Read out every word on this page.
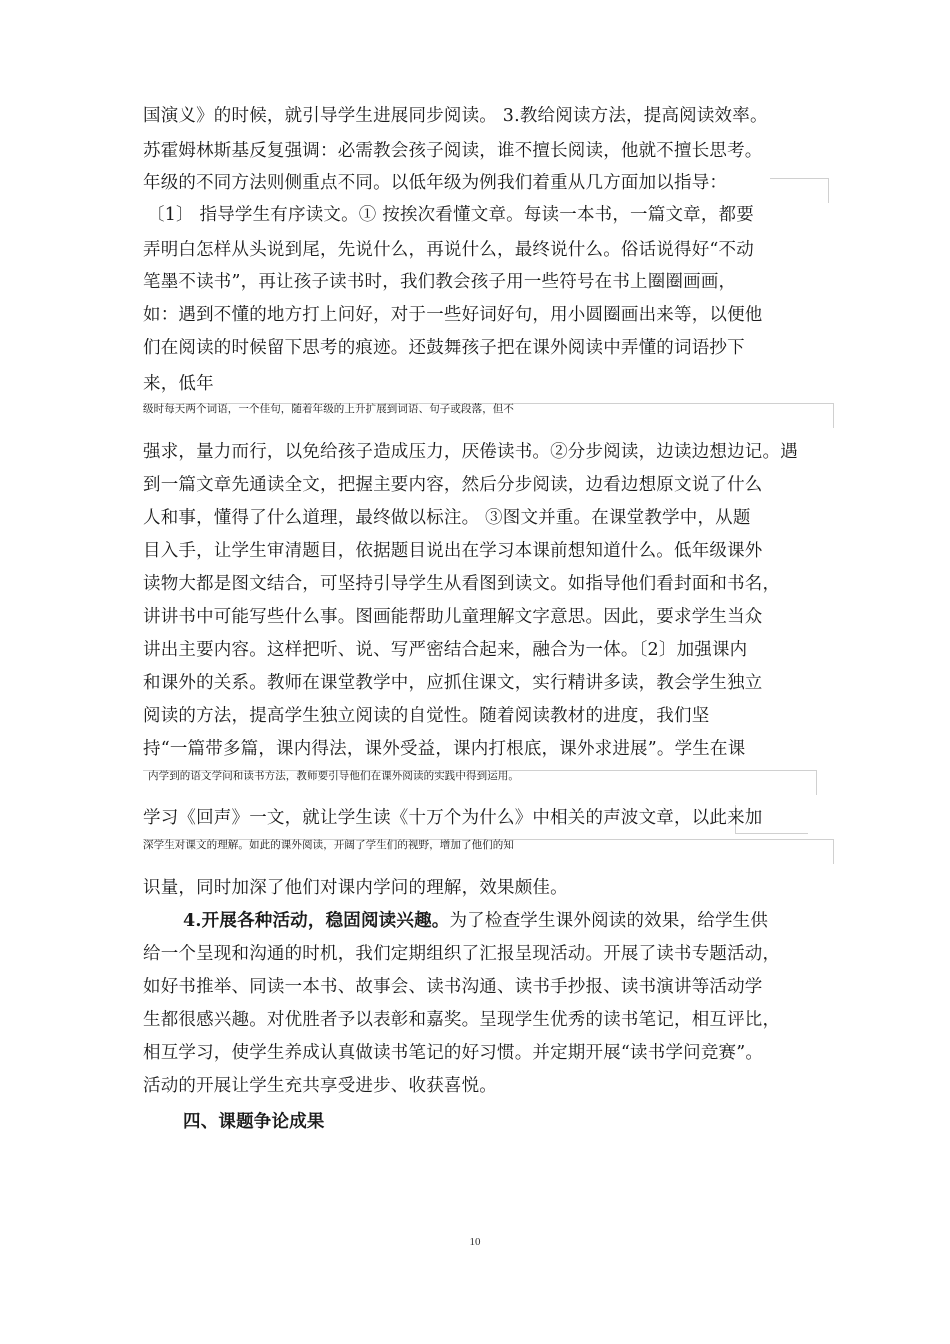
国演义》的时候，就引导学生进展同步阅读。 3.教给阅读方法，提高阅读效率。
苏霍姆林斯基反复强调：必需教会孩子阅读，谁不擅长阅读，他就不擅长思考。
年级的不同方法则侧重点不同。以低年级为例我们着重从几方面加以指导：
〔1〕 指导学生有序读文。① 按挨次看懂文章。每读一本书，一篇文章，都要
弄明白怎样从头说到尾，先说什么，再说什么，最终说什么。俗话说得好“不动
笔墨不读书”，再让孩子读书时，我们教会孩子用一些符号在书上圈圈画画，
如：遇到不懂的地方打上问好，对于一些好词好句，用小圆圈画出来等，以便他
们在阅读的时候留下思考的痕迹。还鼓舞孩子把在课外阅读中弄懂的词语抄下
来，低年
级时每天两个词语，一个佳句，随着年级的上升扩展到词语、句子或段落，但不
强求，量力而行，以免给孩子造成压力，厌倦读书。②分步阅读，边读边想边记。遇
到一篇文章先通读全文，把握主要内容，然后分步阅读，边看边想原文说了什么
人和事，懂得了什么道理，最终做以标注。 ③图文并重。在课堂教学中，从题
目入手，让学生审清题目，依据题目说出在学习本课前想知道什么。低年级课外
读物大都是图文结合，可坚持引导学生从看图到读文。如指导他们看封面和书名，
讲讲书中可能写些什么事。图画能帮助儿童理解文字意思。因此，要求学生当众
讲出主要内容。这样把听、说、写严密结合起来，融合为一体。〔2〕加强课内
和课外的关系。教师在课堂教学中，应抓住课文，实行精讲多读，教会学生独立
阅读的方法，提高学生独立阅读的自觉性。随着阅读教材的进度，我们坚
持“一篇带多篇，课内得法，课外受益，课内打根底，课外求进展”。学生在课
内学到的语文学问和读书方法，教师要引导他们在课外阅读的实践中得到运用。
学习《回声》一文，就让学生读《十万个为什么》中相关的声波文章，以此来加
深学生对课文的理解。如此的课外阅读，开阔了学生们的视野，增加了他们的知
识量，同时加深了他们对课内学问的理解，效果颇佳。
4.开展各种活动，稳固阅读兴趣。为了检查学生课外阅读的效果，给学生供
给一个呈现和沟通的时机，我们定期组织了汇报呈现活动。开展了读书专题活动，
如好书推举、同读一本书、故事会、读书沟通、读书手抄报、读书演讲等活动学
生都很感兴趣。对优胜者予以表彰和嘉奖。呈现学生优秀的读书笔记，相互评比，
相互学习，使学生养成认真做读书笔记的好习惯。并定期开展“读书学问竞赛”。
活动的开展让学生充共享受进步、收获喜悦。
四、课题争论成果
10
